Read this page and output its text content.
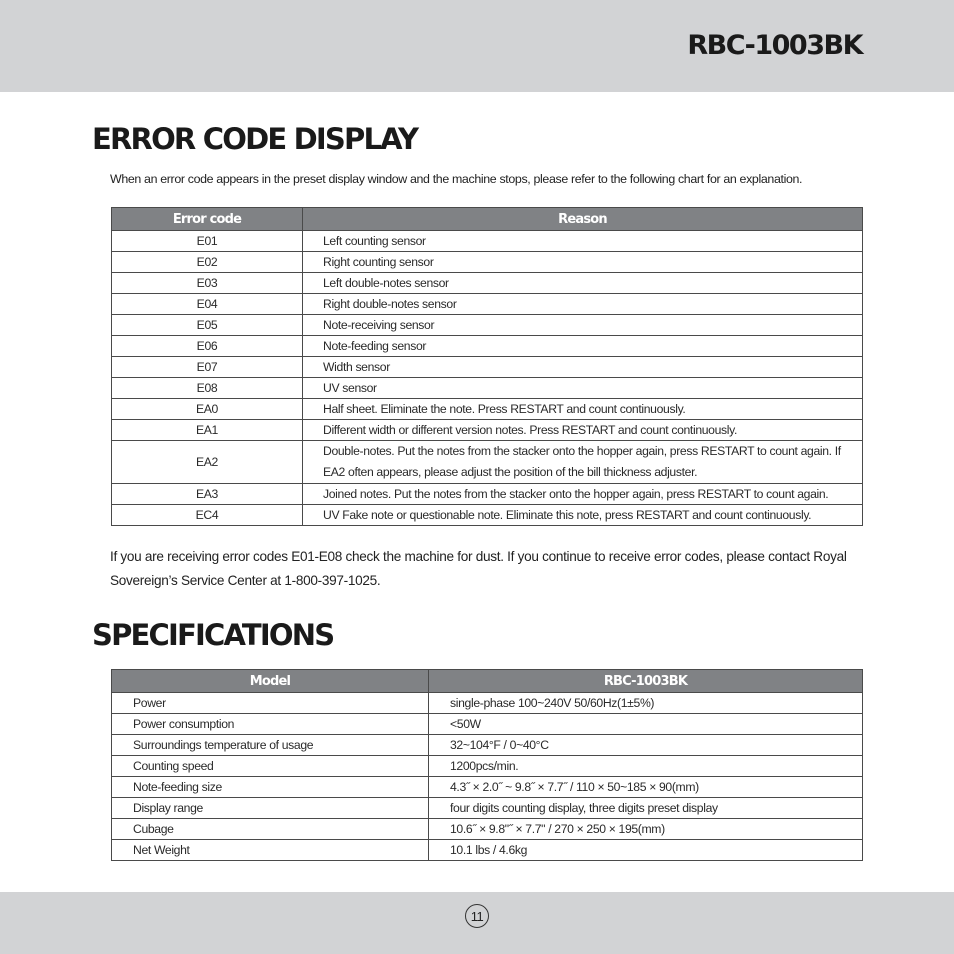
RBC-1003BK
ERROR CODE DISPLAY

When an error code appears in the preset display window and the machine stops, please refer to the following chart for an explanation.

Error code	Reason
E01	Left counting sensor
E02	Right counting sensor
E03	Left double-notes sensor
E04	Right double-notes sensor
E05	Note-receiving sensor
E06	Note-feeding sensor
E07	Width sensor
E08	UV sensor
EA0	Half sheet. Eliminate the note. Press RESTART and count continuously.
EA1	Different width or different version notes. Press RESTART and count continuously.
EA2	Double-notes. Put the notes from the stacker onto the hopper again, press RESTART to count again. If EA2 often appears, please adjust the position of the bill thickness adjuster.
EA3	Joined notes. Put the notes from the stacker onto the hopper again, press RESTART to count again.
EC4	UV Fake note or questionable note. Eliminate this note, press RESTART and count continuously.

If you are receiving error codes E01-E08 check the machine for dust. If you continue to receive error codes, please contact Royal Sovereign’s Service Center at 1-800-397-1025.

SPECIFICATIONS
Model	RBC-1003BK
Power	single-phase 100~240V 50/60Hz(1±5%)
Power consumption	<50W
Surroundings temperature of usage	32~104°F / 0~40°C
Counting speed	1200pcs/min.
Note-feeding size	4.3˝ × 2.0˝ ~ 9.8˝ × 7.7˝ / 110 × 50~185 × 90(mm)
Display range	four digits counting display, three digits preset display
Cubage	10.6˝ × 9.8"˝ × 7.7" / 270 × 250 × 195(mm)
Net Weight	10.1 lbs / 4.6kg
11
